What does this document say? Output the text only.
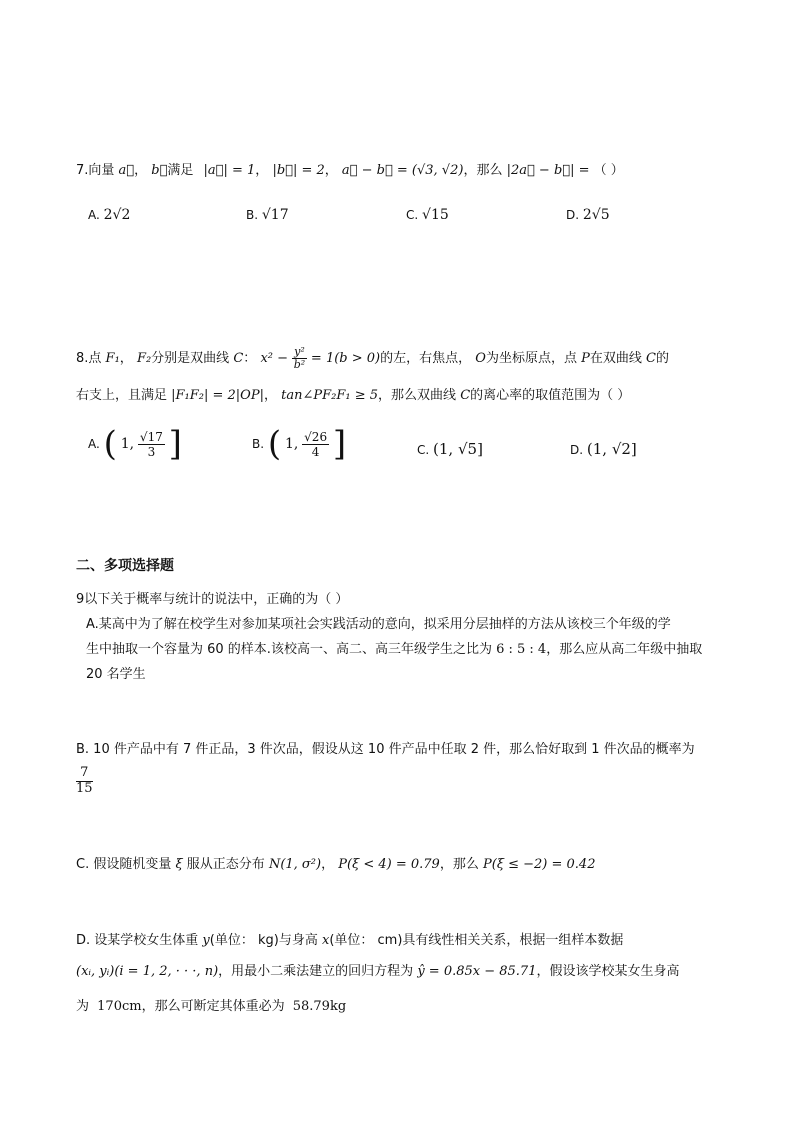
7.向量 a⃗， b⃗满足 |a⃗| = 1， |b⃗| = 2， a⃗ − b⃗ = (√3, √2)，那么 |2a⃗ − b⃗| = （ ）
A. 2√2	B. √17	C. √15	D. 2√5
8.点 F₁， F₂分别是双曲线 C： $x^2 - \frac{\text{y²}}{\text{b²}} = 1(b > 0)$的左，右焦点， O为坐标原点，点 P在双曲线 C的
右支上，且满足 |F₁F₂| = 2|OP|， tan∠PF₂F₁ ≥ 5，那么双曲线 C的离心率的取值范围为（ ）
A. ( 1, $\frac{√17}{3}$ ]	B. ( 1, $\frac{√26}{4}$ ]	C. (1, √5]	D. (1, √2]
二、多项选择题
9以下关于概率与统计的说法中，正确的为（ ）
A.某高中为了解在校学生对参加某项社会实践活动的意向，拟采用分层抽样的方法从该校三个年级的学
生中抽取一个容量为 60 的样本.该校高一、高二、高三年级学生之比为 6 : 5 : 4，那么应从高二年级中抽取
20 名学生
B. 10 件产品中有 7 件正品，3 件次品，假设从这 10 件产品中任取 2 件，那么恰好取到 1 件次品的概率为
7
15
C. 假设随机变量 ξ 服从正态分布 N(1, σ²)， P(ξ < 4) = 0.79，那么 P(ξ ≤ −2) = 0.42
D. 设某学校女生体重 y(单位： kg)与身高 x(单位： cm)具有线性相关关系，根据一组样本数据
(xᵢ, yᵢ)(i = 1, 2, · · ·, n)，用最小二乘法建立的回归方程为 ŷ = 0.85x − 85.71，假设该学校某女生身高
为 170cm，那么可断定其体重必为 58.79kg
